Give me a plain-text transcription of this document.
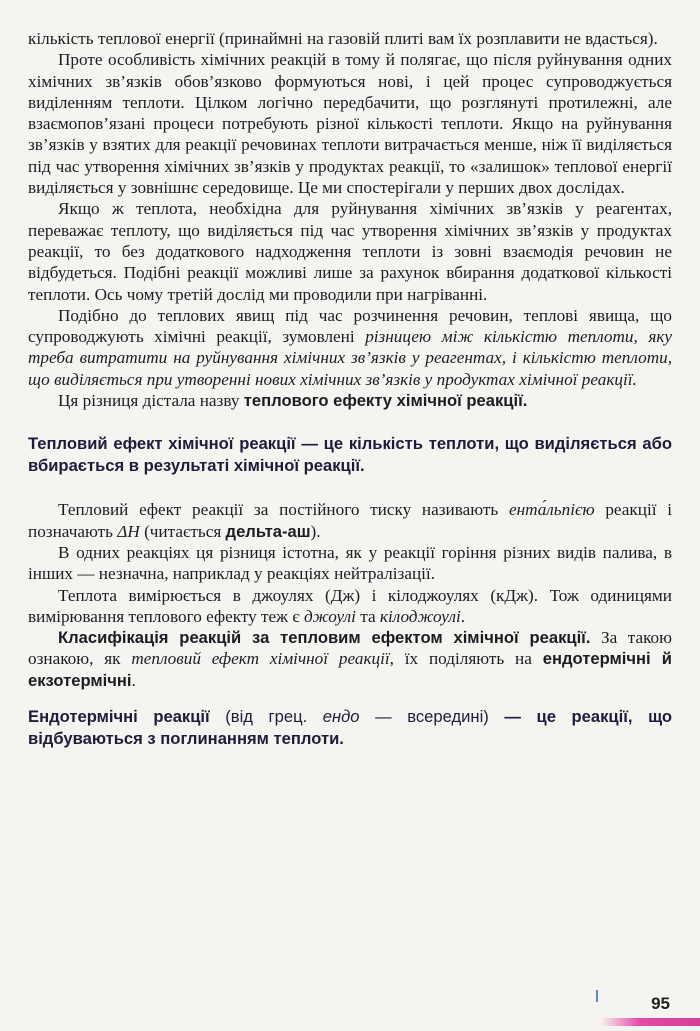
кількість теплової енергії (принаймні на газовій плиті вам їх розплавити не вдасться).

Проте особливість хімічних реакцій в тому й полягає, що після руйнування одних хімічних зв’язків обов’язково формуються нові, і цей процес супроводжується виділенням теплоти. Цілком логічно передбачити, що розглянуті протилежні, але взаємопов’язані процеси потребують різної кількості теплоти. Якщо на руйнування зв’язків у взятих для реакції речовинах теплоти витрачається менше, ніж її виділяється під час утворення хімічних зв’язків у продуктах реакції, то «залишок» теплової енергії виділяється у зовнішнє середовище. Це ми спостерігали у перших двох дослідах.

Якщо ж теплота, необхідна для руйнування хімічних зв’язків у реагентах, переважає теплоту, що виділяється під час утворення хімічних зв’язків у продуктах реакції, то без додаткового надходження теплоти із зовні взаємодія речовин не відбудеться. Подібні реакції можливі лише за рахунок вбирання додаткової кількості теплоти. Ось чому третій дослід ми проводили при нагріванні.

Подібно до теплових явищ під час розчинення речовин, теплові явища, що супроводжують хімічні реакції, зумовлені різницею між кількістю теплоти, яку треба витратити на руйнування хімічних зв’язків у реагентах, і кількістю теплоти, що виділяється при утворенні нових хімічних зв’язків у продуктах хімічної реакції.

Ця різниця дістала назву теплового ефекту хімічної реакції.

Тепловий ефект хімічної реакції — це кількість теплоти, що виділяється або вбирається в результаті хімічної реакції.

Тепловий ефект реакції за постійного тиску називають ента́льпією реакції і позначають ΔH (читається дельта-аш).

В одних реакціях ця різниця істотна, як у реакції горіння різних видів палива, в інших — незначна, наприклад у реакціях нейтралізації.

Теплота вимірюється в джоулях (Дж) і кілоджоулях (кДж). Тож одиницями вимірювання теплового ефекту теж є джоулі та кілоджоулі.

Класифікація реакцій за тепловим ефектом хімічної реакції. За такою ознакою, як тепловий ефект хімічної реакції, їх поділяють на ендотермічні й екзотермічні.

Ендотермічні реакції (від грец. ендо — всередині) — це реакції, що відбуваються з поглинанням теплоти.

95
